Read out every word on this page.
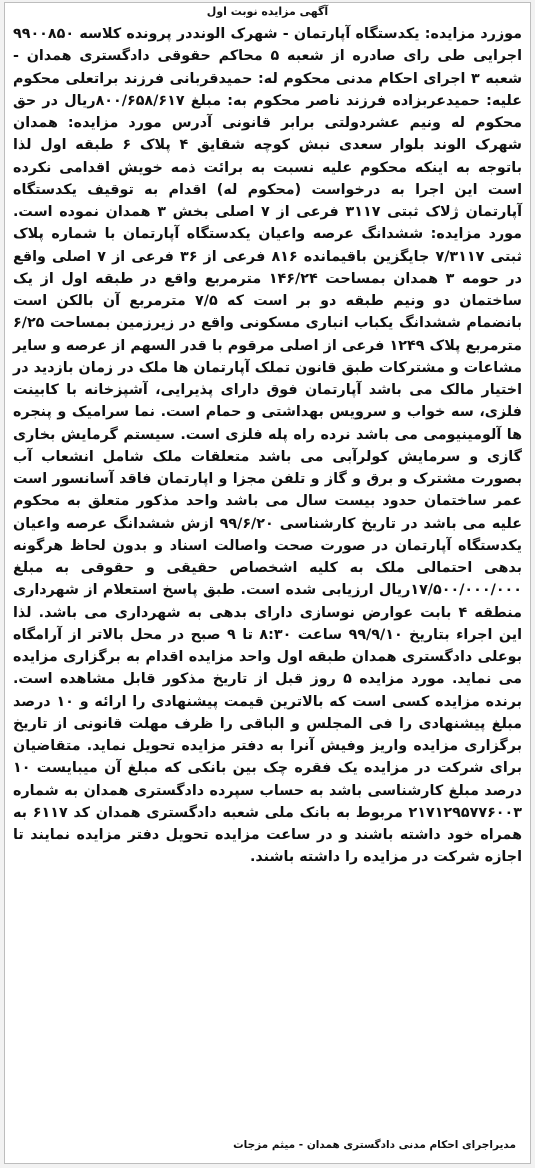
آگهی مزایده نوبت اول
موزرد مزایده: یکدستگاه آپارتمان - شهرک الونددر پرونده کلاسه ۹۹۰۰۸۵۰ اجرایی طی رای صادره از شعبه ۵ محاکم حقوقی دادگستری همدان - شعبه ۳ اجرای احکام مدنی محکوم له: حمیدقربانی فرزند براتعلی محکوم علیه: حمیدعربزاده فرزند ناصر محکوم به: مبلغ ۸۰۰/۶۵۸/۶۱۷ریال در حق محکوم له ونیم عشردولتی برابر قانونی آدرس مورد مزایده: همدان شهرک الوند بلوار سعدی نبش کوچه شقایق ۴ پلاک ۶ طبقه اول لذا باتوجه به اینکه محکوم علیه نسبت به برائت ذمه خویش اقدامی نکرده است این اجرا به درخواست (محکوم له) اقدام به توقیف یکدستگاه آپارتمان ژلاک ثبتی ۳۱۱۷ فرعی از ۷ اصلی بخش ۳ همدان نموده است. مورد مزایده: ششدانگ عرصه واعیان یکدستگاه آپارتمان با شماره پلاک ثبتی ۷/۳۱۱۷ جایگزین باقیمانده ۸۱۶ فرعی از ۳۶ فرعی از ۷ اصلی واقع در حومه ۳ همدان بمساحت ۱۴۶/۲۴ مترمربع واقع در طبقه اول از یک ساختمان دو ونیم طبقه دو بر است که ۷/۵ مترمربع آن بالکن است بانضمام ششدانگ یکباب انباری مسکونی واقع در زیرزمین بمساحت ۶/۲۵ مترمربع پلاک ۱۲۴۹ فرعی از اصلی مرقوم با قدر السهم از عرصه و سایر مشاعات و مشترکات طبق قانون تملک آپارتمان ها ملک در زمان بازدید در اختیار مالک می باشد آپارتمان فوق دارای پذیرایی، آشپزخانه با کابینت فلزی، سه خواب و سرویس بهداشتی و حمام است. نما سرامیک و پنجره ها آلومینیومی می باشد نرده راه پله فلزی است. سیستم گرمایش بخاری گازی و سرمایش کولرآبی می باشد متعلقات ملک شامل انشعاب آب بصورت مشترک و برق و گاز و تلفن مجزا و اپارتمان فاقد آسانسور است عمر ساختمان حدود بیست سال می باشد واحد مذکور متعلق به محکوم علیه می باشد در تاریخ کارشناسی ۹۹/۶/۲۰ ازش ششدانگ عرصه واعیان یکدستگاه آپارتمان در صورت صحت واصالت اسناد و بدون لحاظ هرگونه بدهی احتمالی ملک به کلیه اشخصاص حقیقی و حقوقی به مبلغ ۱۷/۵۰۰/۰۰۰/۰۰۰ریال ارزیابی شده است. طبق پاسخ استعلام از شهرداری منطقه ۴ بابت عوارض نوسازی دارای بدهی به شهرداری می باشد. لذا این اجراء بتاریخ ۹۹/۹/۱۰ ساعت ۸:۳۰ تا ۹ صبح در محل بالاتر از آرامگاه بوعلی دادگستری همدان طبقه اول واحد مزایده اقدام به برگزاری مزایده می نماید. مورد مزایده ۵ روز قبل از تاریخ مذکور قابل مشاهده است. برنده مزایده کسی است که بالاترین قیمت پیشنهادی را ارائه و ۱۰ درصد مبلغ پیشنهادی را فی المجلس و الباقی را ظرف مهلت قانونی از تاریخ برگزاری مزایده واریز وفیش آنرا به دفتر مزایده تحویل نماید. متقاضیان برای شرکت در مزایده یک فقره چک بین بانکی که مبلغ آن میبایست ۱۰ درصد مبلغ کارشناسی باشد به حساب سپرده دادگستری همدان به شماره ۲۱۷۱۲۹۵۷۷۶۰۰۳ مربوط به بانک ملی شعبه دادگستری همدان کد ۶۱۱۷ به همراه خود داشته باشند و در ساعت مزایده تحویل دفتر مزایده نمایند تا اجازه شرکت در مزایده را داشته باشند.
مدیراجرای احکام مدنی دادگستری همدان - میثم مزجات
